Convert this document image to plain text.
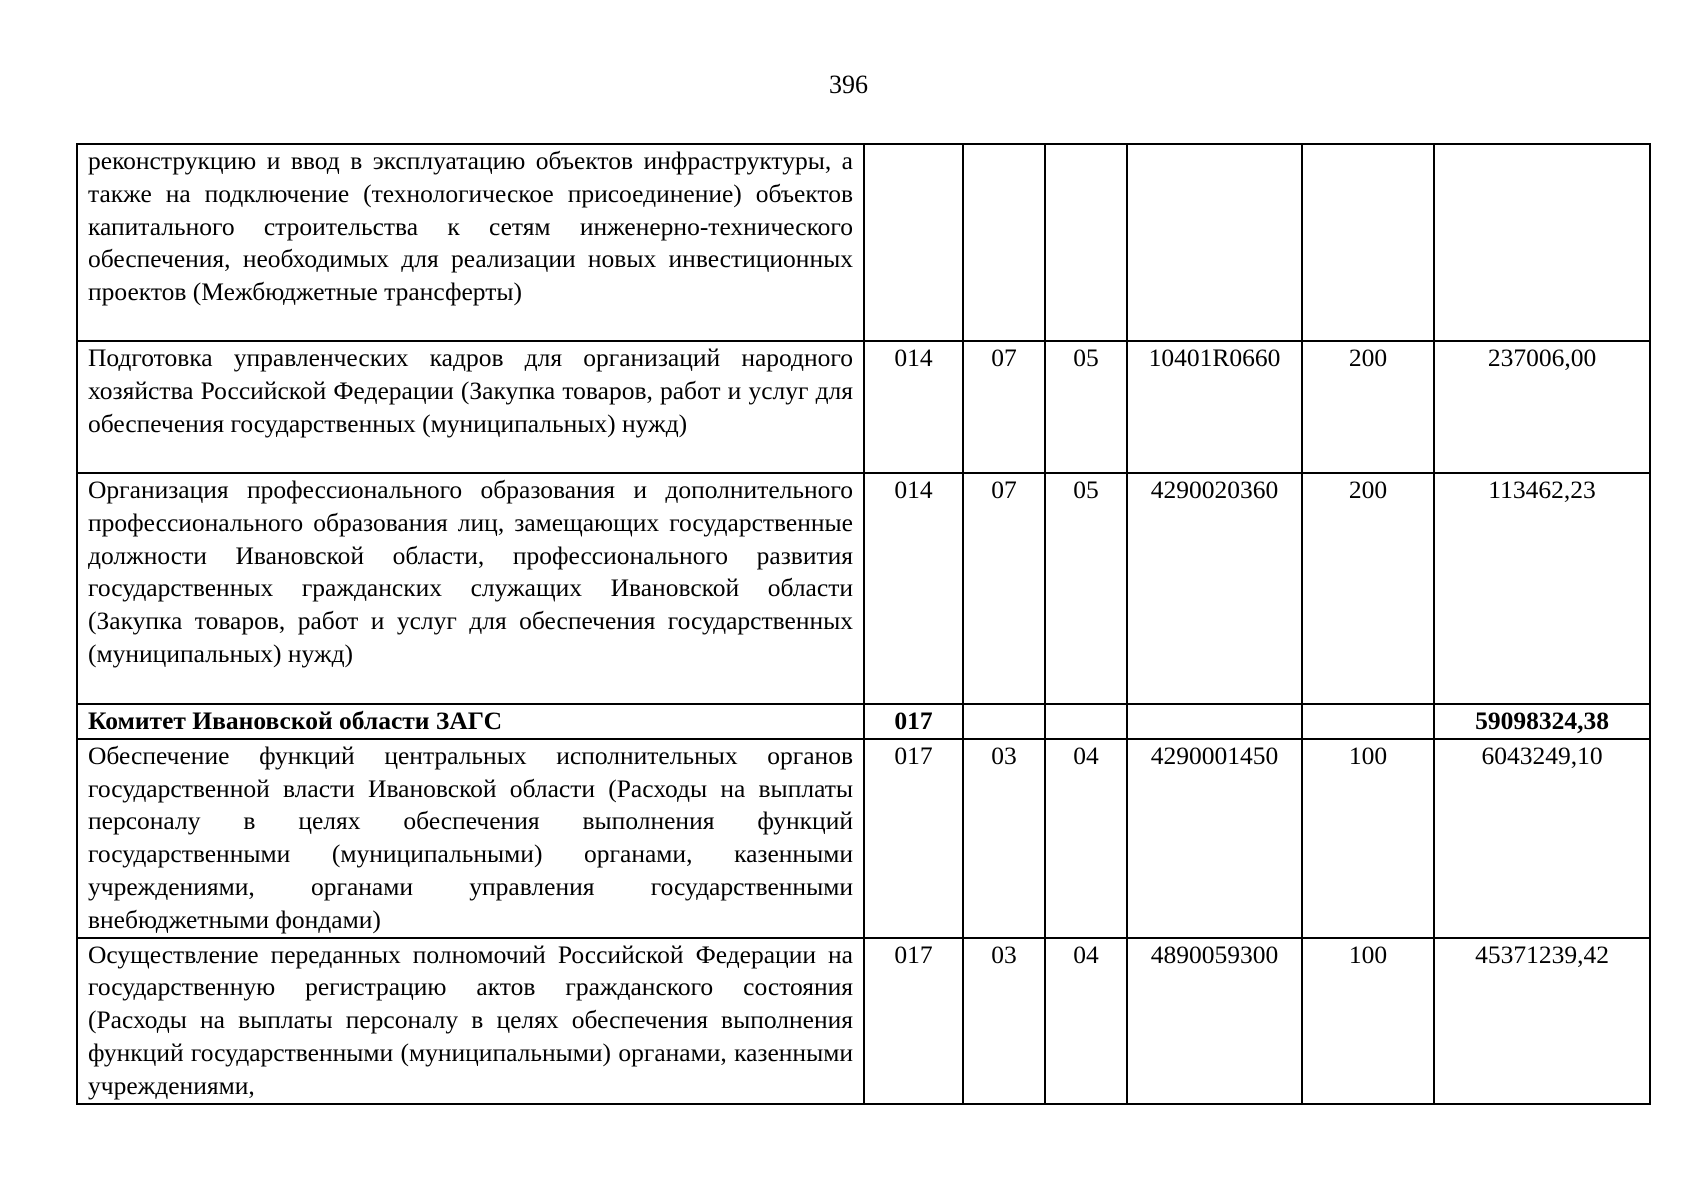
396
реконструкцию и ввод в эксплуатацию объектов инфраструктуры, а также на подключение (технологическое присоединение) объектов капитального строительства к сетям инженерно-технического обеспечения, необходимых для реализации новых инвестиционных проектов (Межбюджетные трансферты)						
Подготовка управленческих кадров для организаций народного хозяйства Российской Федерации (Закупка товаров, работ и услуг для обеспечения государственных (муниципальных) нужд)	014	07	05	10401R0660	200	237006,00
Организация профессионального образования и дополнительного профессионального образования лиц, замещающих государственные должности Ивановской области, профессионального развития государственных гражданских служащих Ивановской области (Закупка товаров, работ и услуг для обеспечения государственных (муниципальных) нужд)	014	07	05	4290020360	200	113462,23
Комитет Ивановской области ЗАГС	017					59098324,38
Обеспечение функций центральных исполнительных органов государственной власти Ивановской области (Расходы на выплаты персоналу в целях обеспечения выполнения функций государственными (муниципальными) органами, казенными учреждениями, органами управления государственными внебюджетными фондами)	017	03	04	4290001450	100	6043249,10
Осуществление переданных полномочий Российской Федерации на государственную регистрацию актов гражданского состояния (Расходы на выплаты персоналу в целях обеспечения выполнения функций государственными (муниципальными) органами, казенными учреждениями,	017	03	04	4890059300	100	45371239,42
